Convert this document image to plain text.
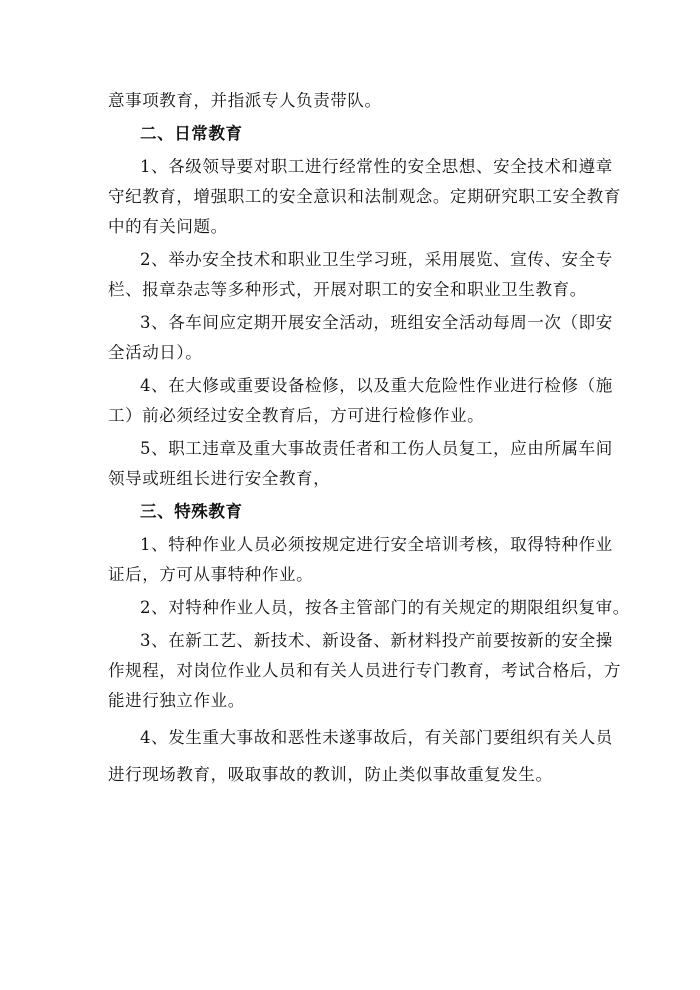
意事项教育，并指派专人负责带队。
二、日常教育
1、各级领导要对职工进行经常性的安全思想、安全技术和遵章
守纪教育，增强职工的安全意识和法制观念。定期研究职工安全教育
中的有关问题。
2、举办安全技术和职业卫生学习班，采用展览、宣传、安全专
栏、报章杂志等多种形式，开展对职工的安全和职业卫生教育。
3、各车间应定期开展安全活动，班组安全活动每周一次（即安
全活动日）。
4、在大修或重要设备检修，以及重大危险性作业进行检修（施
工）前必须经过安全教育后，方可进行检修作业。
5、职工违章及重大事故责任者和工伤人员复工，应由所属车间
领导或班组长进行安全教育，
三、特殊教育
1、特种作业人员必须按规定进行安全培训考核，取得特种作业
证后，方可从事特种作业。
2、对特种作业人员，按各主管部门的有关规定的期限组织复审。
3、在新工艺、新技术、新设备、新材料投产前要按新的安全操
作规程，对岗位作业人员和有关人员进行专门教育，考试合格后，方
能进行独立作业。
4、发生重大事故和恶性未遂事故后，有关部门要组织有关人员
进行现场教育，吸取事故的教训，防止类似事故重复发生。
